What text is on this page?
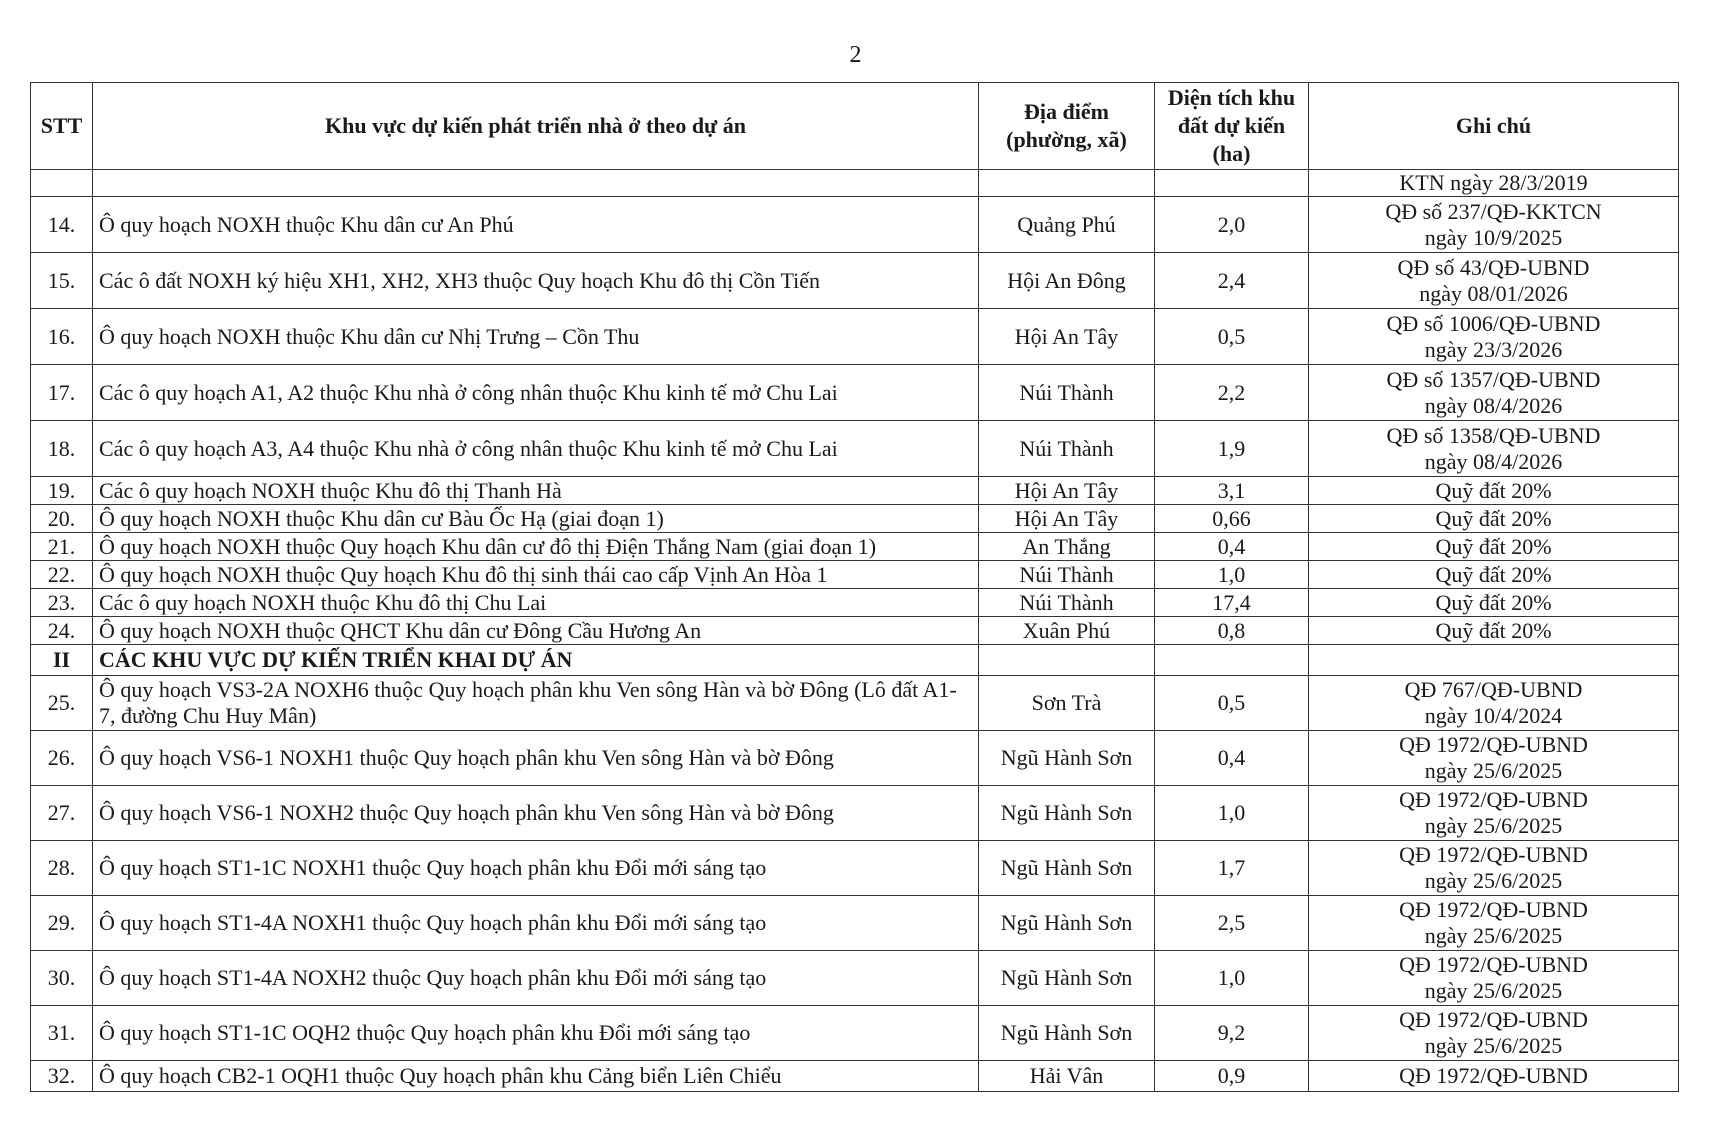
2
STT	Khu vực dự kiến phát triển nhà ở theo dự án	Địa điểm (phường, xã)	Diện tích khu đất dự kiến (ha)	Ghi chú
				KTN ngày 28/3/2019
14.	Ô quy hoạch NOXH thuộc Khu dân cư An Phú	Quảng Phú	2,0	QĐ số 237/QĐ-KKTCN
ngày 10/9/2025

15.	Các ô đất NOXH ký hiệu XH1, XH2, XH3 thuộc Quy hoạch Khu đô thị Cồn Tiến	Hội An Đông	2,4	QĐ số 43/QĐ-UBND
ngày 08/01/2026

16.	Ô quy hoạch NOXH thuộc Khu dân cư Nhị Trưng – Cồn Thu	Hội An Tây	0,5	QĐ số 1006/QĐ-UBND
ngày 23/3/2026

17.	Các ô quy hoạch A1, A2 thuộc Khu nhà ở công nhân thuộc Khu kinh tế mở Chu Lai	Núi Thành	2,2	QĐ số 1357/QĐ-UBND
ngày 08/4/2026

18.	Các ô quy hoạch A3, A4 thuộc Khu nhà ở công nhân thuộc Khu kinh tế mở Chu Lai	Núi Thành	1,9	QĐ số 1358/QĐ-UBND
ngày 08/4/2026

19.	Các ô quy hoạch NOXH thuộc Khu đô thị Thanh Hà	Hội An Tây	3,1	Quỹ đất 20%
20.	Ô quy hoạch NOXH thuộc Khu dân cư Bàu Ốc Hạ (giai đoạn 1)	Hội An Tây	0,66	Quỹ đất 20%
21.	Ô quy hoạch NOXH thuộc Quy hoạch Khu dân cư đô thị Điện Thắng Nam (giai đoạn 1)	An Thắng	0,4	Quỹ đất 20%
22.	Ô quy hoạch NOXH thuộc Quy hoạch Khu đô thị sinh thái cao cấp Vịnh An Hòa 1	Núi Thành	1,0	Quỹ đất 20%
23.	Các ô quy hoạch NOXH thuộc Khu đô thị Chu Lai	Núi Thành	17,4	Quỹ đất 20%
24.	Ô quy hoạch NOXH thuộc QHCT Khu dân cư Đông Cầu Hương An	Xuân Phú	0,8	Quỹ đất 20%
II	CÁC KHU VỰC DỰ KIẾN TRIỂN KHAI DỰ ÁN			
25.	Ô quy hoạch VS3-2A NOXH6 thuộc Quy hoạch phân khu Ven sông Hàn và bờ Đông (Lô đất A1-7, đường Chu Huy Mân)	Sơn Trà	0,5	QĐ 767/QĐ-UBND
ngày 10/4/2024

26.	Ô quy hoạch VS6-1 NOXH1 thuộc Quy hoạch phân khu Ven sông Hàn và bờ Đông	Ngũ Hành Sơn	0,4	QĐ 1972/QĐ-UBND
ngày 25/6/2025

27.	Ô quy hoạch VS6-1 NOXH2 thuộc Quy hoạch phân khu Ven sông Hàn và bờ Đông	Ngũ Hành Sơn	1,0	QĐ 1972/QĐ-UBND
ngày 25/6/2025

28.	Ô quy hoạch ST1-1C NOXH1 thuộc Quy hoạch phân khu Đổi mới sáng tạo	Ngũ Hành Sơn	1,7	QĐ 1972/QĐ-UBND
ngày 25/6/2025

29.	Ô quy hoạch ST1-4A NOXH1 thuộc Quy hoạch phân khu Đổi mới sáng tạo	Ngũ Hành Sơn	2,5	QĐ 1972/QĐ-UBND
ngày 25/6/2025

30.	Ô quy hoạch ST1-4A NOXH2 thuộc Quy hoạch phân khu Đổi mới sáng tạo	Ngũ Hành Sơn	1,0	QĐ 1972/QĐ-UBND
ngày 25/6/2025

31.	Ô quy hoạch ST1-1C OQH2 thuộc Quy hoạch phân khu Đổi mới sáng tạo	Ngũ Hành Sơn	9,2	QĐ 1972/QĐ-UBND
ngày 25/6/2025

32.	Ô quy hoạch CB2-1 OQH1 thuộc Quy hoạch phân khu Cảng biển Liên Chiểu	Hải Vân	0,9	QĐ 1972/QĐ-UBND
